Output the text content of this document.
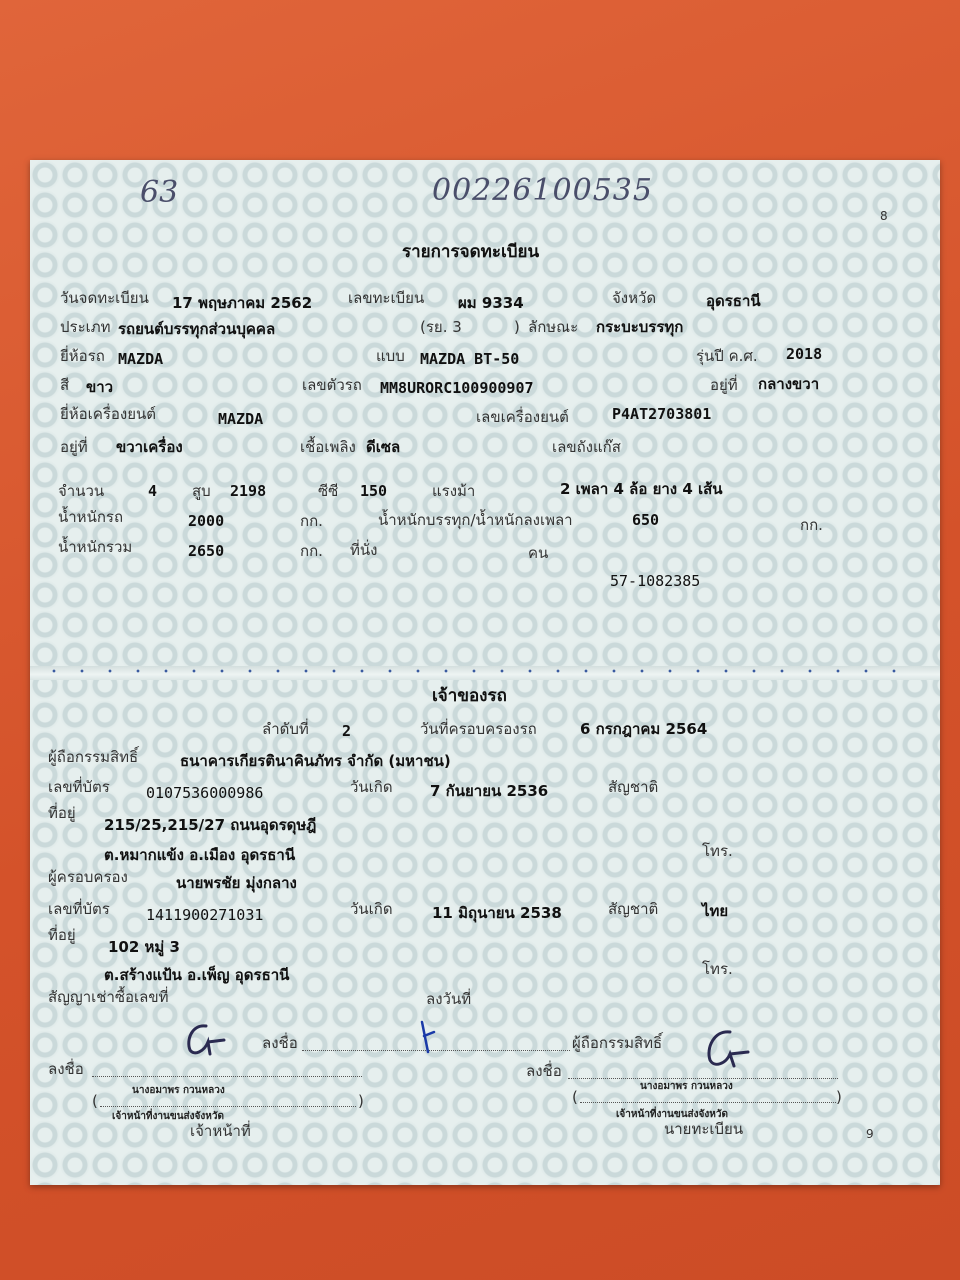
63	00226100535
8
รายการจดทะเบียน
วันจดทะเบียน 17 พฤษภาคม 2562 เลขทะเบียน ผม 9334	จังหวัด	อุดรธานี
ประเภท รถยนต์บรรทุกส่วนบุคคล	(รย. 3	) ลักษณะ กระบะบรรทุก
ยี่ห้อรถ MAZDA	แบบ MAZDA BT-50	รุ่นปี ค.ศ. 2018
สี ขาว	เลขตัวรถ MM8URORC100900907	อยู่ที่ กลางขวา
ยี่ห้อเครื่องยนต์	MAZDA	เลขเครื่องยนต์	P4AT2703801
อยู่ที่ ขวาเครื่อง	เชื้อเพลิง ดีเซล	เลขถังแก๊ส
จำนวน	4 สูบ 2198	ซีซี 150	แรงม้า	2 เพลา 4 ล้อ ยาง 4 เส้น
น้ำหนักรถ	2000	กก.	น้ำหนักบรรทุก/น้ำหนักลงเพลา	650	กก.
น้ำหนักรวม	2650	กก. ที่นั่ง	คน
57-1082385
เจ้าของรถ
ลำดับที่ 2	วันที่ครอบครองรถ	6 กรกฎาคม 2564
ผู้ถือกรรมสิทธิ์	ธนาคารเกียรตินาคินภัทร จำกัด (มหาชน)
เลขที่บัตร 0107536000986	วันเกิด 7 กันยายน 2536	สัญชาติ
ที่อยู่
215/25,215/27 ถนนอุดรดุษฎี
ต.หมากแข้ง อ.เมือง อุดรธานี	โทร.
ผู้ครอบครอง	นายพรชัย มุ่งกลาง
เลขที่บัตร 1411900271031	วันเกิด	11 มิถุนายน 2538	สัญชาติ	ไทย
ที่อยู่
102 หมู่ 3
ต.สร้างแป้น อ.เพ็ญ อุดรธานี	โทร.
สัญญาเช่าซื้อเลขที่	ลงวันที่
ลงชื่อ	ผู้ถือกรรมสิทธิ์
ลงชื่อ	ลงชื่อ
นางอมาพร กวนหลวง
(	)
เจ้าหน้าที่งานขนส่งจังหวัด
เจ้าหน้าที่
นางอมาพร กวนหลวง
(	)
เจ้าหน้าที่งานขนส่งจังหวัด
นายทะเบียน	9
